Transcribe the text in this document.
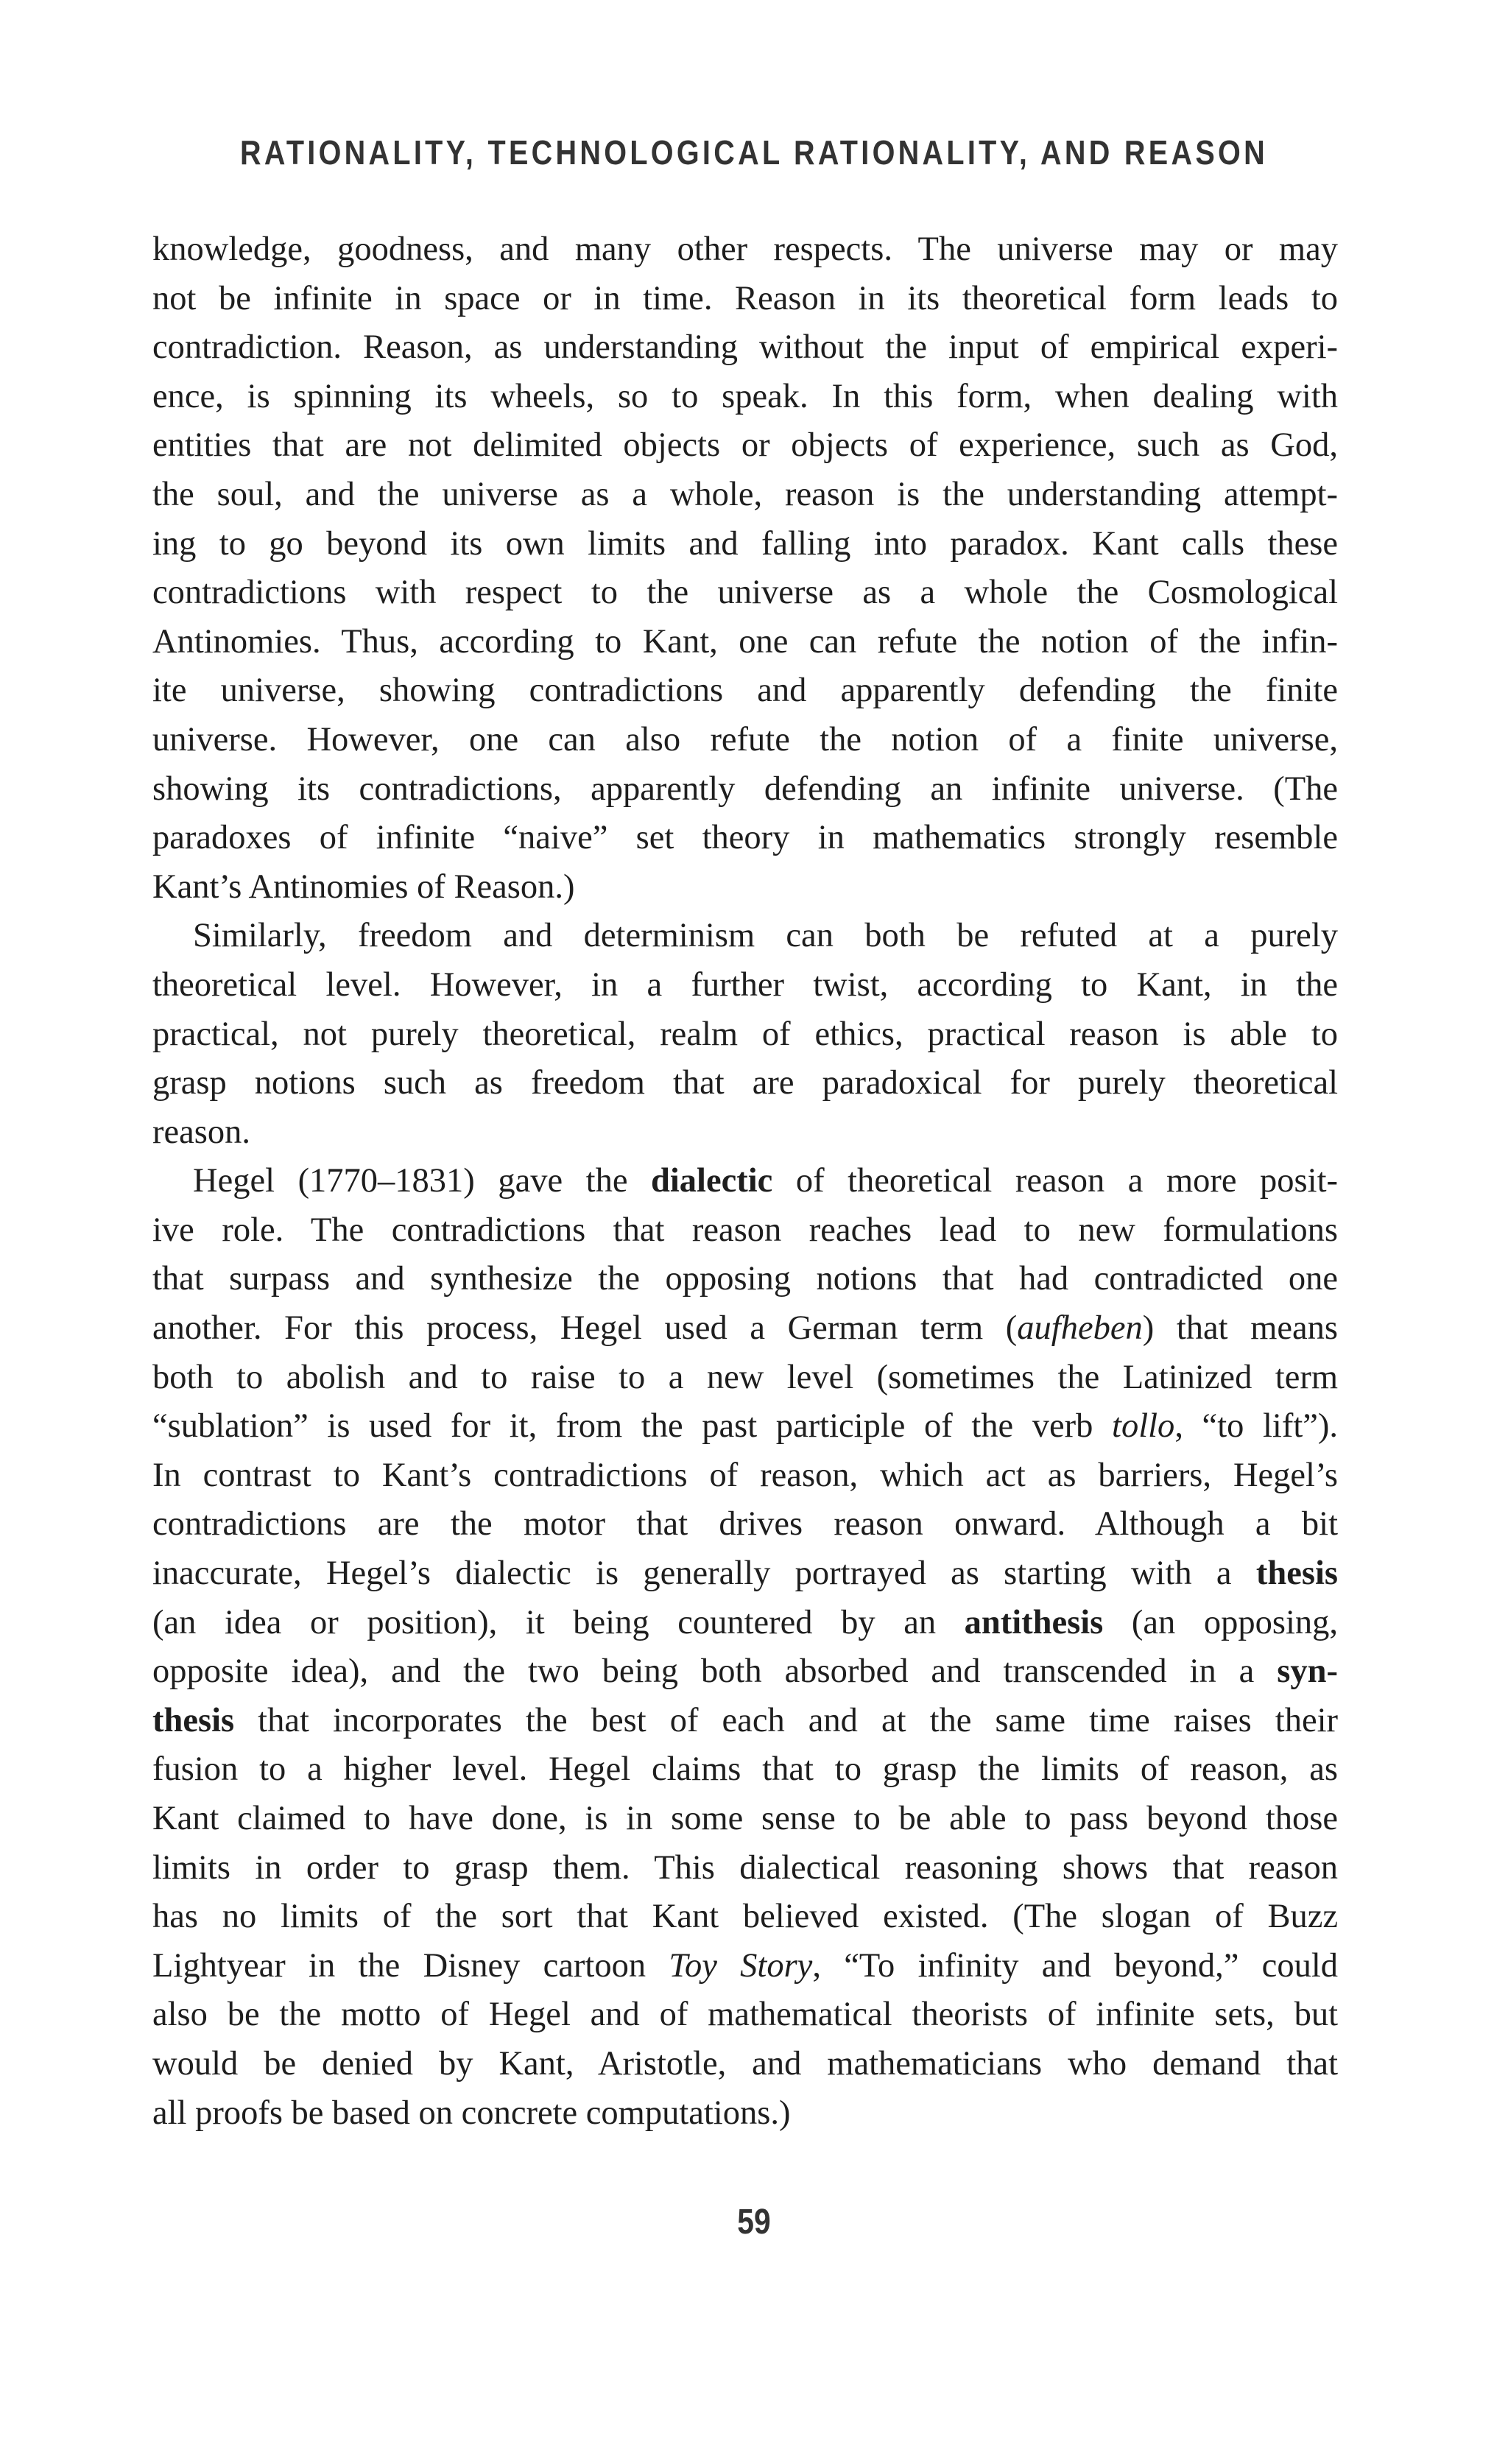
RATIONALITY, TECHNOLOGICAL RATIONALITY, AND REASON
knowledge, goodness, and many other respects. The universe may or may
not be infinite in space or in time. Reason in its theoretical form leads to
contradiction. Reason, as understanding without the input of empirical experi-
ence, is spinning its wheels, so to speak. In this form, when dealing with
entities that are not delimited objects or objects of experience, such as God,
the soul, and the universe as a whole, reason is the understanding attempt-
ing to go beyond its own limits and falling into paradox. Kant calls these
contradictions with respect to the universe as a whole the Cosmological
Antinomies. Thus, according to Kant, one can refute the notion of the infin-
ite universe, showing contradictions and apparently defending the finite
universe. However, one can also refute the notion of a finite universe,
showing its contradictions, apparently defending an infinite universe. (The
paradoxes of infinite “naive” set theory in mathematics strongly resemble
Kant’s Antinomies of Reason.)
Similarly, freedom and determinism can both be refuted at a purely
theoretical level. However, in a further twist, according to Kant, in the
practical, not purely theoretical, realm of ethics, practical reason is able to
grasp notions such as freedom that are paradoxical for purely theoretical
reason.
Hegel (1770–1831) gave the dialectic of theoretical reason a more posit-
ive role. The contradictions that reason reaches lead to new formulations
that surpass and synthesize the opposing notions that had contradicted one
another. For this process, Hegel used a German term (aufheben) that means
both to abolish and to raise to a new level (sometimes the Latinized term
“sublation” is used for it, from the past participle of the verb tollo, “to lift”).
In contrast to Kant’s contradictions of reason, which act as barriers, Hegel’s
contradictions are the motor that drives reason onward. Although a bit
inaccurate, Hegel’s dialectic is generally portrayed as starting with a thesis
(an idea or position), it being countered by an antithesis (an opposing,
opposite idea), and the two being both absorbed and transcended in a syn-
thesis that incorporates the best of each and at the same time raises their
fusion to a higher level. Hegel claims that to grasp the limits of reason, as
Kant claimed to have done, is in some sense to be able to pass beyond those
limits in order to grasp them. This dialectical reasoning shows that reason
has no limits of the sort that Kant believed existed. (The slogan of Buzz
Lightyear in the Disney cartoon Toy Story, “To infinity and beyond,” could
also be the motto of Hegel and of mathematical theorists of infinite sets, but
would be denied by Kant, Aristotle, and mathematicians who demand that
all proofs be based on concrete computations.)
59
